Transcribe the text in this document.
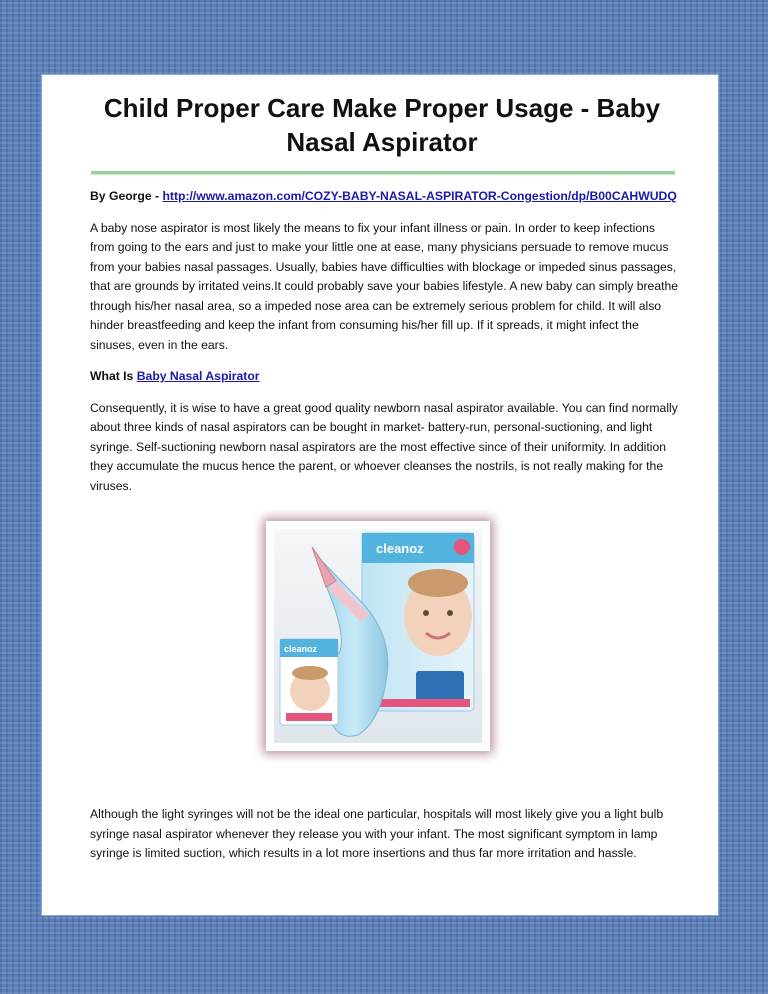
Child Proper Care Make Proper Usage - Baby Nasal Aspirator

By George - http://www.amazon.com/COZY-BABY-NASAL-ASPIRATOR-Congestion/dp/B00CAHWUDQ

A baby nose aspirator is most likely the means to fix your infant illness or pain. In order to keep infections from going to the ears and just to make your little one at ease, many physicians persuade to remove mucus from your babies nasal passages. Usually, babies have difficulties with blockage or impeded sinus passages, that are grounds by irritated veins.It could probably save your babies lifestyle. A new baby can simply breathe through his/her nasal area, so a impeded nose area can be extremely serious problem for child. It will also hinder breastfeeding and keep the infant from consuming his/her fill up. If it spreads, it might infect the sinuses, even in the ears.

What Is Baby Nasal Aspirator

Consequently, it is wise to have a great good quality newborn nasal aspirator available. You can find normally about three kinds of nasal aspirators can be bought in market- battery-run, personal-suctioning, and light syringe. Self-suctioning newborn nasal aspirators are the most effective since of their uniformity. In addition they accumulate the mucus hence the parent, or whoever cleanses the nostrils, is not really making for the viruses.

cleanoz
cleanoz

Although the light syringes will not be the ideal one particular, hospitals will most likely give you a light bulb syringe nasal aspirator whenever they release you with your infant. The most significant symptom in lamp syringe is limited suction, which results in a lot more insertions and thus far more irritation and hassle.
